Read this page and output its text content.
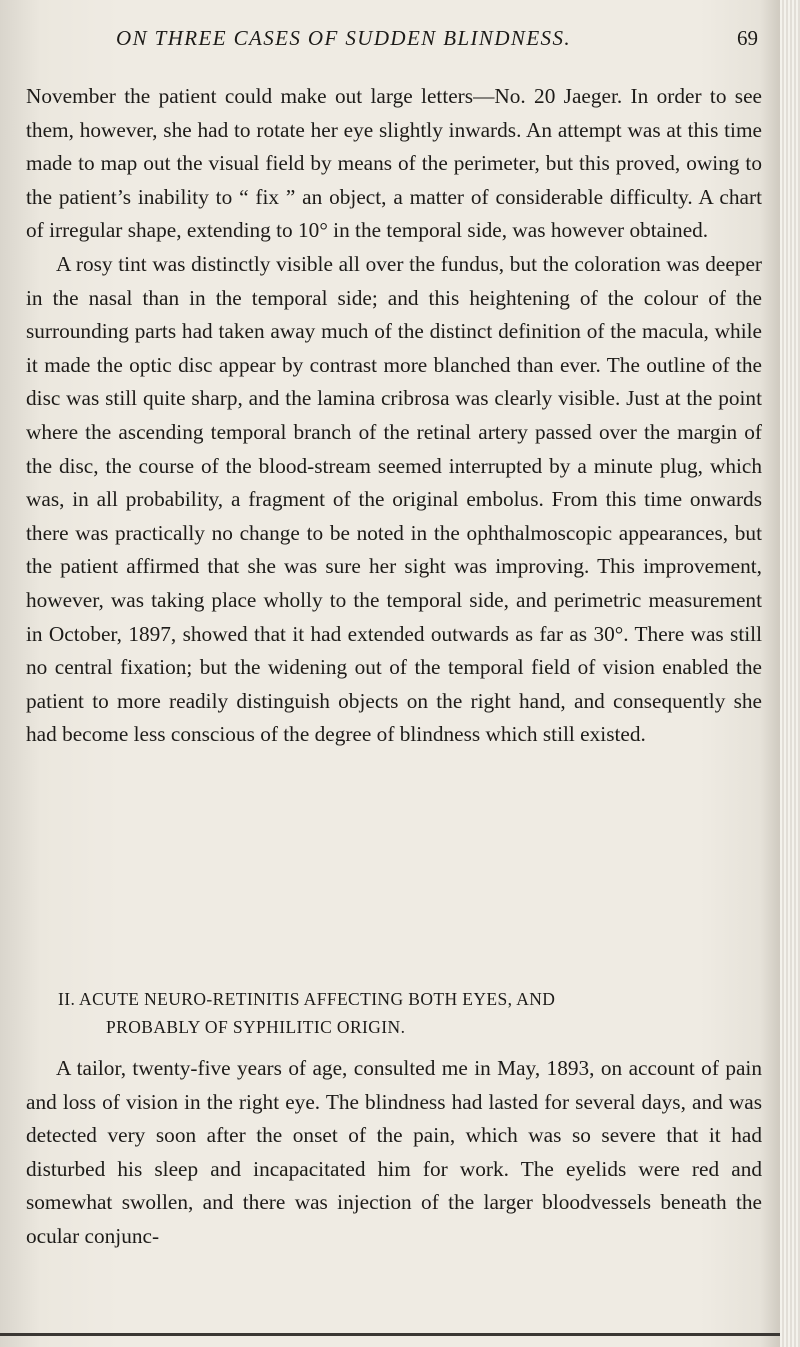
ON THREE CASES OF SUDDEN BLINDNESS.	69

November the patient could make out large letters—No. 20 Jaeger. In order to see them, however, she had to rotate her eye slightly inwards. An attempt was at this time made to map out the visual field by means of the perimeter, but this proved, owing to the patient’s inability to “ fix ” an object, a matter of considerable difficulty. A chart of irregular shape, extending to 10° in the temporal side, was however obtained.

A rosy tint was distinctly visible all over the fundus, but the coloration was deeper in the nasal than in the temporal side; and this heightening of the colour of the surrounding parts had taken away much of the distinct definition of the macula, while it made the optic disc appear by contrast more blanched than ever. The outline of the disc was still quite sharp, and the lamina cribrosa was clearly visible. Just at the point where the ascending temporal branch of the retinal artery passed over the margin of the disc, the course of the blood-stream seemed interrupted by a minute plug, which was, in all probability, a fragment of the original embolus. From this time onwards there was practically no change to be noted in the ophthalmoscopic appearances, but the patient affirmed that she was sure her sight was improving. This improvement, however, was taking place wholly to the temporal side, and perimetric measurement in October, 1897, showed that it had extended outwards as far as 30°. There was still no central fixation; but the widening out of the temporal field of vision enabled the patient to more readily distinguish objects on the right hand, and consequently she had become less conscious of the degree of blindness which still existed.

II. ACUTE NEURO-RETINITIS AFFECTING BOTH EYES, AND
PROBABLY OF SYPHILITIC ORIGIN.

A tailor, twenty-five years of age, consulted me in May, 1893, on account of pain and loss of vision in the right eye. The blindness had lasted for several days, and was detected very soon after the onset of the pain, which was so severe that it had disturbed his sleep and incapacitated him for work. The eyelids were red and somewhat swollen, and there was injection of the larger bloodvessels beneath the ocular conjunc-
